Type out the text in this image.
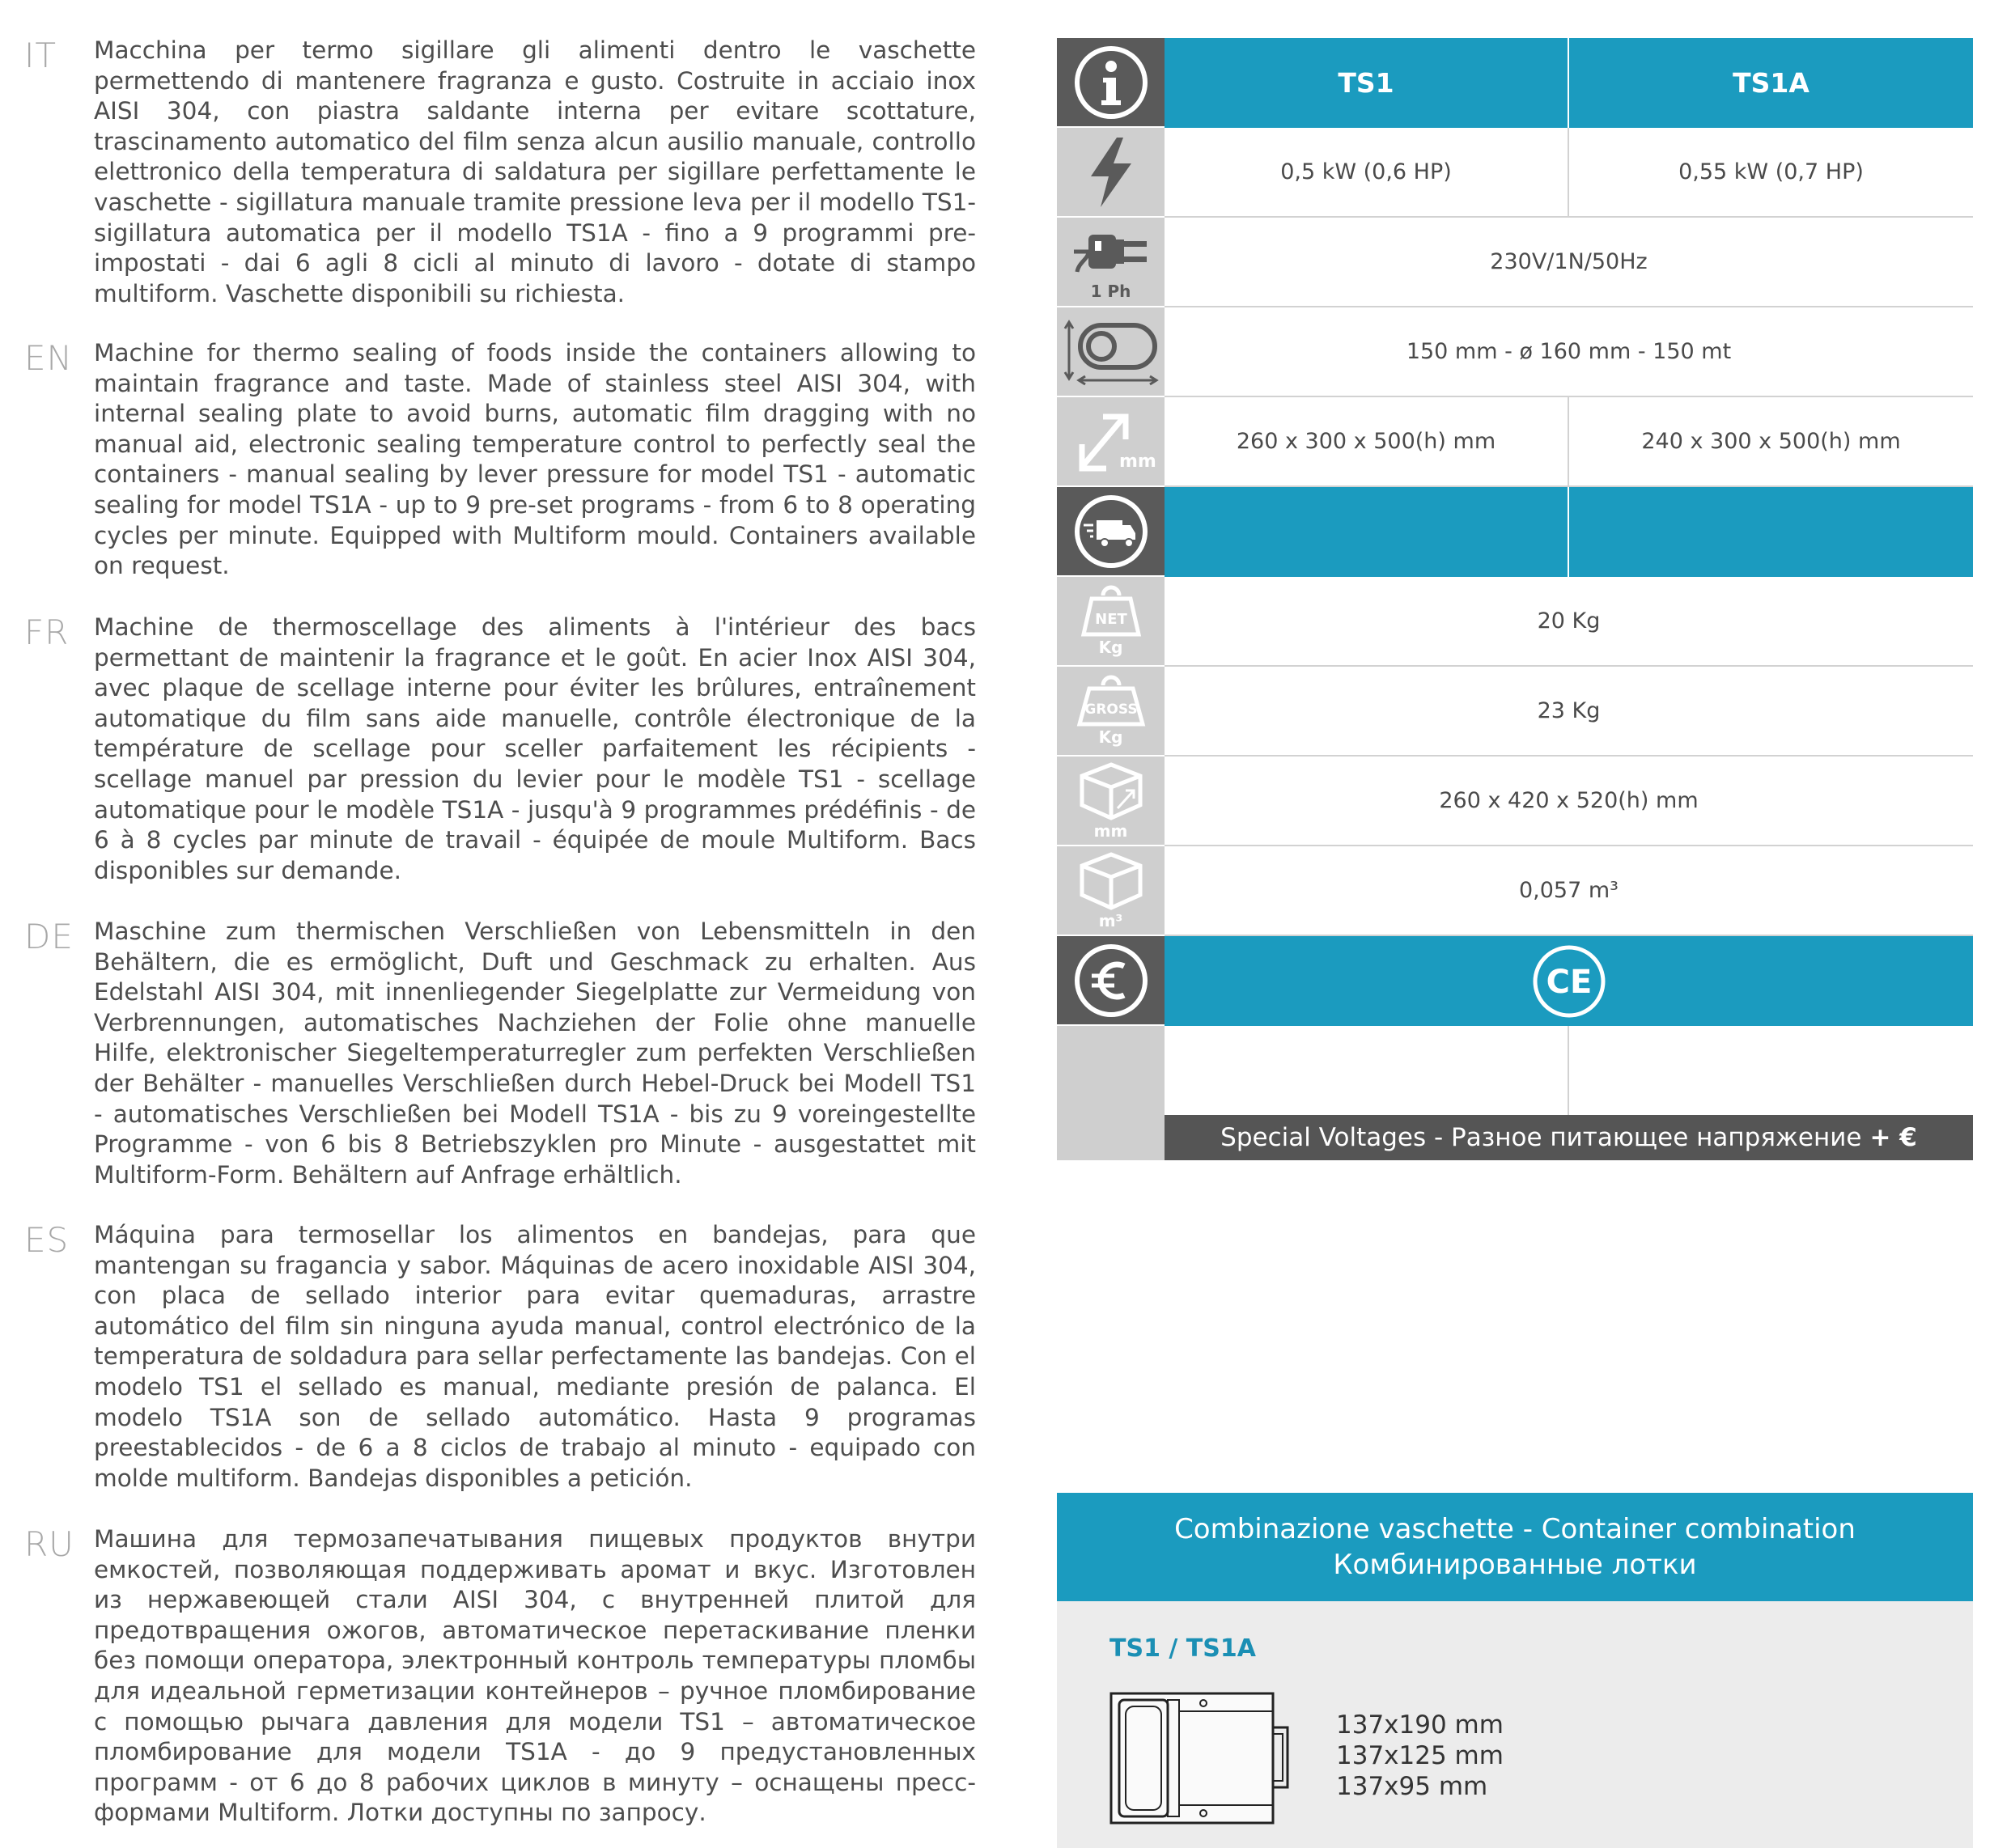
IT	Macchina per termo sigillare gli alimenti dentro le vaschette permettendo di mantenere fragranza e gusto. Costruite in acciaio inox AISI 304, con piastra saldante interna per evitare scottature, trascinamento automatico del film senza alcun ausilio manuale, controllo elettronico della temperatura di saldatura per sigillare perfettamente le vaschette - sigillatura manuale tramite pressione leva per il modello TS1- sigillatura automatica per il modello TS1A - fino a 9 programmi pre-impostati - dai 6 agli 8 cicli al minuto di lavoro - dotate di stampo multiform. Vaschette disponibili su richiesta.
EN Machine for thermo sealing of foods inside the containers allowing to maintain fragrance and taste. Made of stainless steel AISI 304, with internal sealing plate to avoid burns, automatic film dragging with no manual aid, electronic sealing temperature control to perfectly seal the containers - manual sealing by lever pressure for model TS1 - automatic sealing for model TS1A - up to 9 pre-set programs - from 6 to 8 operating cycles per minute. Equipped with Multiform mould. Containers available on request.
FR	Machine de thermoscellage des aliments à l'intérieur des bacs permettant de maintenir la fragrance et le goût. En acier Inox AISI 304, avec plaque de scellage interne pour éviter les brûlures, entraînement automatique du film sans aide manuelle, contrôle électronique de la température de scellage pour sceller parfaitement les récipients - scellage manuel par pression du levier pour le modèle TS1 - scellage automatique pour le modèle TS1A - jusqu'à 9 programmes prédéfinis - de 6 à 8 cycles par minute de travail - équipée de moule Multiform. Bacs disponibles sur demande.
DE Maschine zum thermischen Verschließen von Lebensmitteln in den Behältern, die es ermöglicht, Duft und Geschmack zu erhalten. Aus Edelstahl AISI 304, mit innenliegender Siegelplatte zur Vermeidung von Verbrennungen, automatisches Nachziehen der Folie ohne manuelle Hilfe, elektronischer Siegeltemperaturregler zum perfekten Verschließen der Behälter - manuelles Verschließen durch Hebel-Druck bei Modell TS1 - automatisches Verschließen bei Modell TS1A - bis zu 9 voreingestellte Programme - von 6 bis 8 Betriebszyklen pro Minute - ausgestattet mit Multiform-Form. Behältern auf Anfrage erhältlich.
ES	Máquina para termosellar los alimentos en bandejas, para que mantengan su fragancia y sabor. Máquinas de acero inoxidable AISI 304, con placa de sellado interior para evitar quemaduras, arrastre automático del film sin ninguna ayuda manual, control electrónico de la temperatura de soldadura para sellar perfectamente las bandejas. Con el modelo TS1 el sellado es manual, mediante presión de palanca. El modelo TS1A son de sellado automático. Hasta 9 programas preestablecidos - de 6 a 8 ciclos de trabajo al minuto - equipado con molde multiform. Bandejas disponibles a petición.
RU Машина для термозапечатывания пищевых продуктов внутри емкостей, позволяющая поддерживать аромат и вкус. Изготовлен из нержавеющей стали AISI 304, с внутренней плитой для предотвращения ожогов, автоматическое перетаскивание пленки без помощи оператора, электронный контроль температуры пломбы для идеальной герметизации контейнеров – ручное пломбирование с помощью рычага давления для модели TS1 – автоматическое пломбирование для модели TS1A - до 9 предустановленных программ - от 6 до 8 рабочих циклов в минуту – оснащены пресс-формами Multiform. Лотки доступны по запросу.
TS1	TS1A
0,5 kW (0,6 HP)	0,55 kW (0,7 HP)
1 Ph
230V/1N/50Hz
150 mm - ø 160 mm - 150 mt
mm
260 x 300 x 500(h) mm	240 x 300 x 500(h) mm
NET
Kg
20 Kg
GROSS
Kg
23 Kg
mm
260 x 420 x 520(h) mm
m³
0,057 m³
CE
Special Voltages - Разное питающее напряжение + €
Combinazione vaschette - Container combination
Комбинированные лотки
TS1 / TS1A
137x190 mm
137x125 mm
137x95 mm
